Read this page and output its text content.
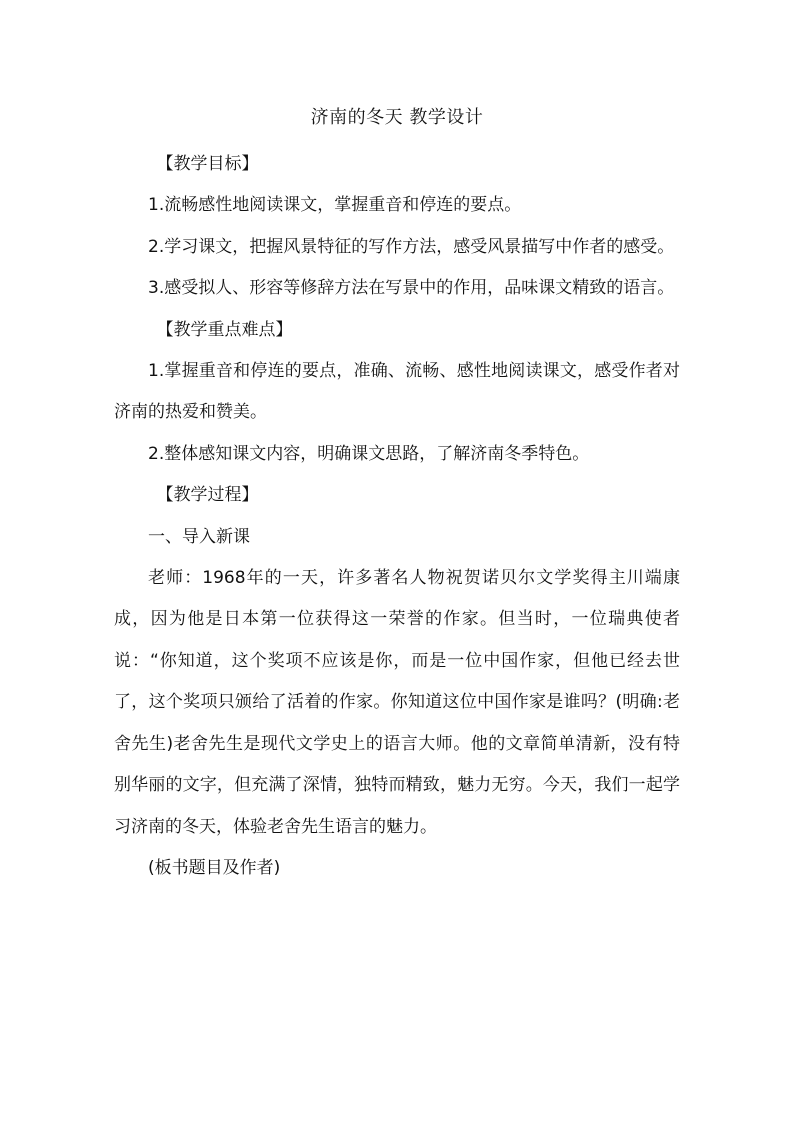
济南的冬天 教学设计

【教学目标】

1.流畅感性地阅读课文，掌握重音和停连的要点。

2.学习课文，把握风景特征的写作方法，感受风景描写中作者的感受。

3.感受拟人、形容等修辞方法在写景中的作用，品味课文精致的语言。

【教学重点难点】

1.掌握重音和停连的要点，准确、流畅、感性地阅读课文，感受作者对济南的热爱和赞美。

2.整体感知课文内容，明确课文思路，了解济南冬季特色。

【教学过程】

一、导入新课

老师：1968年的一天，许多著名人物祝贺诺贝尔文学奖得主川端康成，因为他是日本第一位获得这一荣誉的作家。但当时，一位瑞典使者说：“你知道，这个奖项不应该是你，而是一位中国作家，但他已经去世了，这个奖项只颁给了活着的作家。你知道这位中国作家是谁吗？(明确:老舍先生)老舍先生是现代文学史上的语言大师。他的文章简单清新，没有特别华丽的文字，但充满了深情，独特而精致，魅力无穷。今天，我们一起学习济南的冬天，体验老舍先生语言的魅力。

(板书题目及作者)
